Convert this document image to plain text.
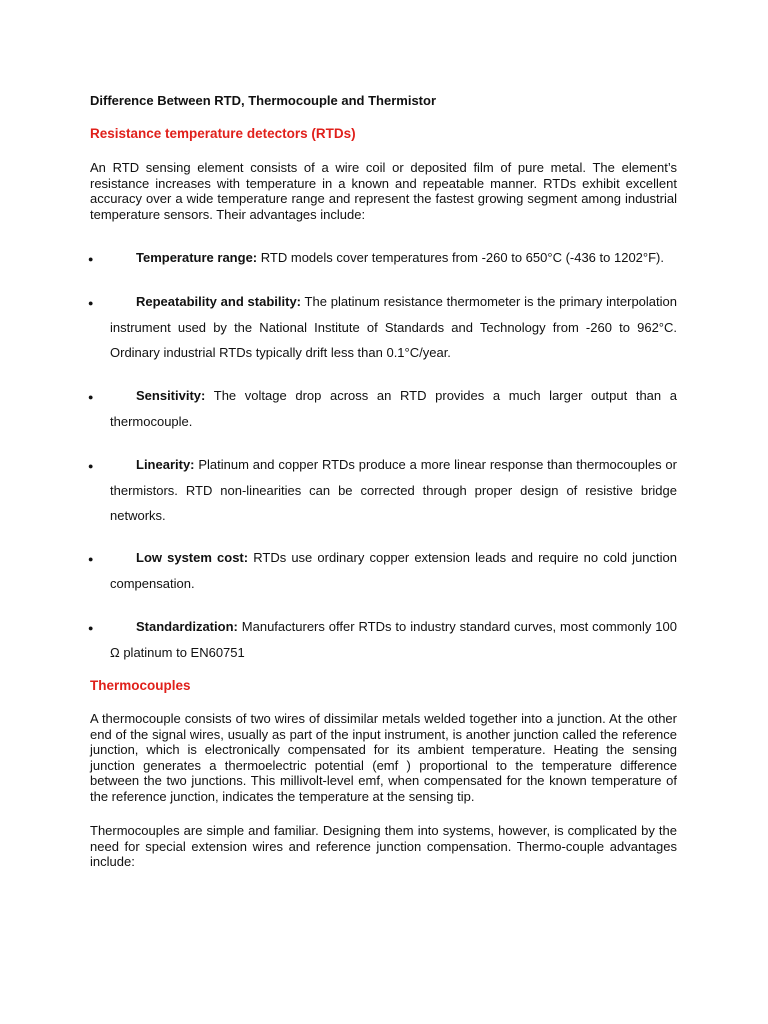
Difference Between RTD, Thermocouple and Thermistor
Resistance temperature detectors (RTDs)
An RTD sensing element consists of a wire coil or deposited film of pure metal. The element’s resistance increases with temperature in a known and repeatable manner. RTDs exhibit excellent accuracy over a wide temperature range and represent the fastest growing segment among industrial temperature sensors. Their advantages include:
●	Temperature range: RTD models cover temperatures from -260 to 650°C (-436 to 1202°F).
●	Repeatability and stability: The platinum resistance thermometer is the primary interpolation instrument used by the National Institute of Standards and Technology from -260 to 962°C. Ordinary industrial RTDs typically drift less than 0.1°C/year.
●	Sensitivity: The voltage drop across an RTD provides a much larger output than a thermocouple.
●	Linearity: Platinum and copper RTDs produce a more linear response than thermocouples or thermistors. RTD non-linearities can be corrected through proper design of resistive bridge networks.
●	Low system cost: RTDs use ordinary copper extension leads and require no cold junction compensation.
●	Standardization: Manufacturers offer RTDs to industry standard curves, most commonly 100 Ω platinum to EN60751
Thermocouples
A thermocouple consists of two wires of dissimilar metals welded together into a junction. At the other end of the signal wires, usually as part of the input instrument, is another junction called the reference junction, which is electronically compensated for its ambient temperature. Heating the sensing junction generates a thermoelectric potential (emf ) proportional to the temperature difference between the two junctions. This millivolt-level emf, when compensated for the known temperature of the reference junction, indicates the temperature at the sensing tip.
Thermocouples are simple and familiar. Designing them into systems, however, is complicated by the need for special extension wires and reference junction compensation. Thermo-couple advantages include:
